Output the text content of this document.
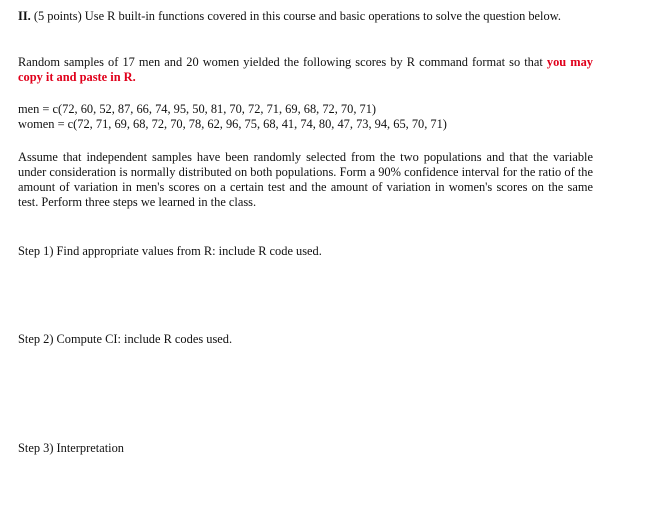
II. (5 points) Use R built-in functions covered in this course and basic operations to solve the question below.

Random samples of 17 men and 20 women yielded the following scores by R command format so that you may copy it and paste in R.

men = c(72, 60, 52, 87, 66, 74, 95, 50, 81, 70, 72, 71, 69, 68, 72, 70, 71)
women = c(72, 71, 69, 68, 72, 70, 78, 62, 96, 75, 68, 41, 74, 80, 47, 73, 94, 65, 70, 71)

Assume that independent samples have been randomly selected from the two populations and that the variable under consideration is normally distributed on both populations. Form a 90% confidence interval for the ratio of the amount of variation in men's scores on a certain test and the amount of variation in women's scores on the same test. Perform three steps we learned in the class.

Step 1) Find appropriate values from R: include R code used.

Step 2) Compute CI: include R codes used.

Step 3) Interpretation
